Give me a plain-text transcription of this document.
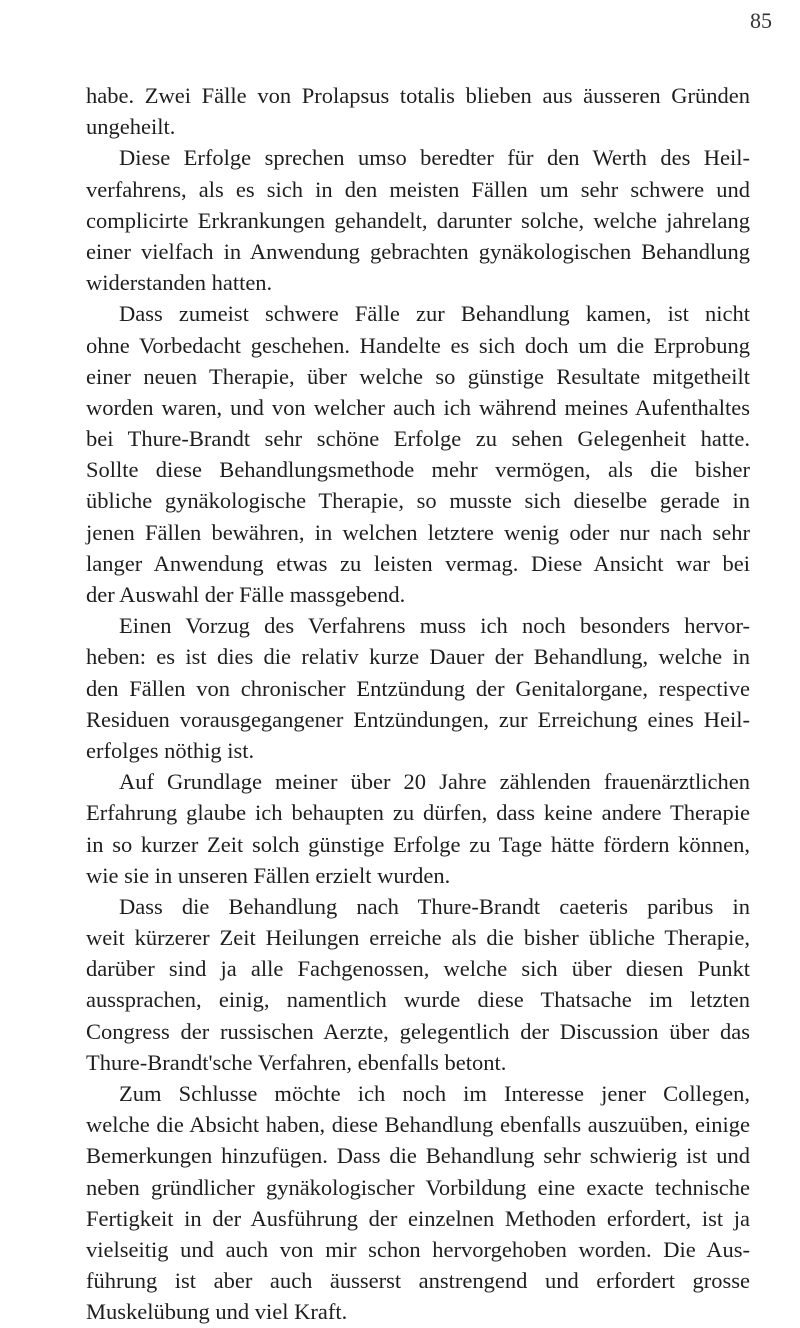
85
habe. Zwei Fälle von Prolapsus totalis blieben aus äusseren Gründen
ungeheilt.
Diese Erfolge sprechen umso beredter für den Werth des Heil-
verfahrens, als es sich in den meisten Fällen um sehr schwere und
complicirte Erkrankungen gehandelt, darunter solche, welche jahrelang
einer vielfach in Anwendung gebrachten gynäkologischen Behandlung
widerstanden hatten.
Dass zumeist schwere Fälle zur Behandlung kamen, ist nicht
ohne Vorbedacht geschehen. Handelte es sich doch um die Erprobung
einer neuen Therapie, über welche so günstige Resultate mitgetheilt
worden waren, und von welcher auch ich während meines Aufenthaltes
bei Thure-Brandt sehr schöne Erfolge zu sehen Gelegenheit hatte.
Sollte diese Behandlungsmethode mehr vermögen, als die bisher
übliche gynäkologische Therapie, so musste sich dieselbe gerade in
jenen Fällen bewähren, in welchen letztere wenig oder nur nach sehr
langer Anwendung etwas zu leisten vermag. Diese Ansicht war bei
der Auswahl der Fälle massgebend.
Einen Vorzug des Verfahrens muss ich noch besonders hervor-
heben: es ist dies die relativ kurze Dauer der Behandlung, welche in
den Fällen von chronischer Entzündung der Genitalorgane, respective
Residuen vorausgegangener Entzündungen, zur Erreichung eines Heil-
erfolges nöthig ist.
Auf Grundlage meiner über 20 Jahre zählenden frauenärztlichen
Erfahrung glaube ich behaupten zu dürfen, dass keine andere Therapie
in so kurzer Zeit solch günstige Erfolge zu Tage hätte fördern können,
wie sie in unseren Fällen erzielt wurden.
Dass die Behandlung nach Thure-Brandt caeteris paribus in
weit kürzerer Zeit Heilungen erreiche als die bisher übliche Therapie,
darüber sind ja alle Fachgenossen, welche sich über diesen Punkt
aussprachen, einig, namentlich wurde diese Thatsache im letzten
Congress der russischen Aerzte, gelegentlich der Discussion über das
Thure-Brandt'sche Verfahren, ebenfalls betont.
Zum Schlusse möchte ich noch im Interesse jener Collegen,
welche die Absicht haben, diese Behandlung ebenfalls auszuüben, einige
Bemerkungen hinzufügen. Dass die Behandlung sehr schwierig ist und
neben gründlicher gynäkologischer Vorbildung eine exacte technische
Fertigkeit in der Ausführung der einzelnen Methoden erfordert, ist ja
vielseitig und auch von mir schon hervorgehoben worden. Die Aus-
führung ist aber auch äusserst anstrengend und erfordert grosse
Muskelübung und viel Kraft.
